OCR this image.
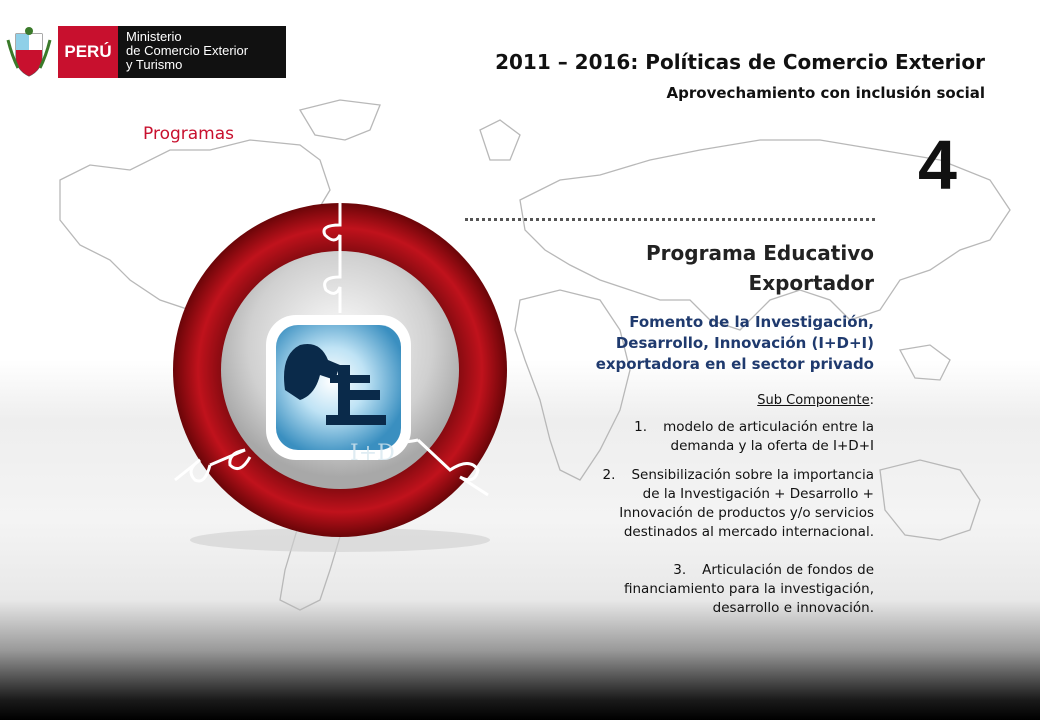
PERÚ
Ministerio
de Comercio Exterior
y Turismo	2011 – 2016: Políticas de Comercio Exterior
Aprovechamiento con inclusión social
Programas	4
I+D
Programa Educativo
Exportador
Fomento de la Investigación,
Desarrollo, Innovación (I+D+I)
exportadora en el sector privado
Sub Componente:
1. modelo de articulación entre la
demanda y la oferta de I+D+I
2. Sensibilización sobre la importancia
de la Investigación + Desarrollo +
Innovación de productos y/o servicios
destinados al mercado internacional.
3. Articulación de fondos de
financiamiento para la investigación,
desarrollo e innovación.
